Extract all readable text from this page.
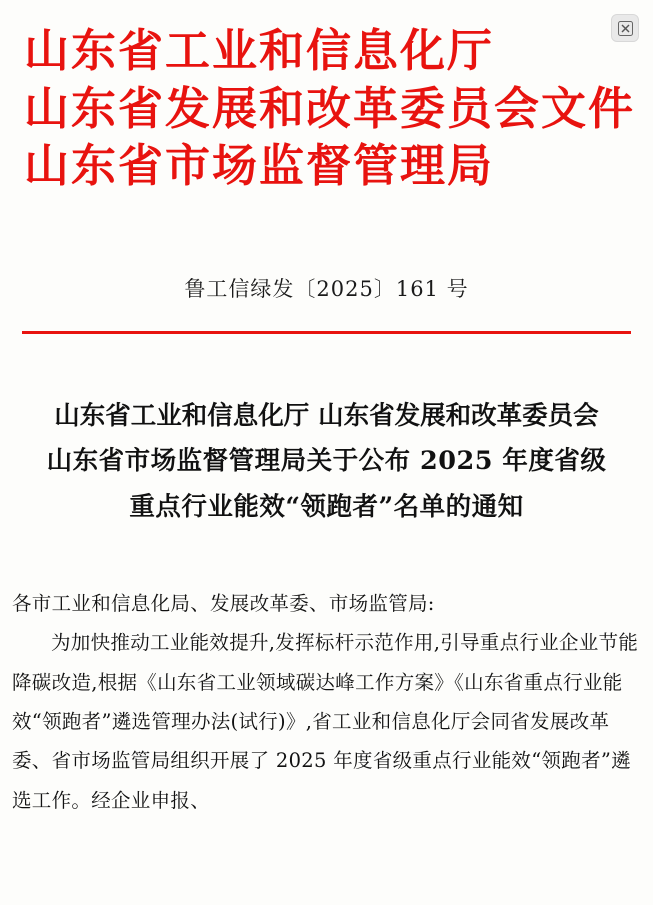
山东省工业和信息化厅
山东省发展和改革委员会文件
山东省市场监督管理局
鲁工信绿发〔2025〕161 号
山东省工业和信息化厅 山东省发展和改革委员会
山东省市场监督管理局关于公布 2025 年度省级
重点行业能效“领跑者”名单的通知
各市工业和信息化局、发展改革委、市场监管局:
为加快推动工业能效提升,发挥标杆示范作用,引导重点行业企业节能降碳改造,根据《山东省工业领域碳达峰工作方案》《山东省重点行业能效“领跑者”遴选管理办法(试行)》,省工业和信息化厅会同省发展改革委、省市场监管局组织开展了 2025 年度省级重点行业能效“领跑者”遴选工作。经企业申报、
